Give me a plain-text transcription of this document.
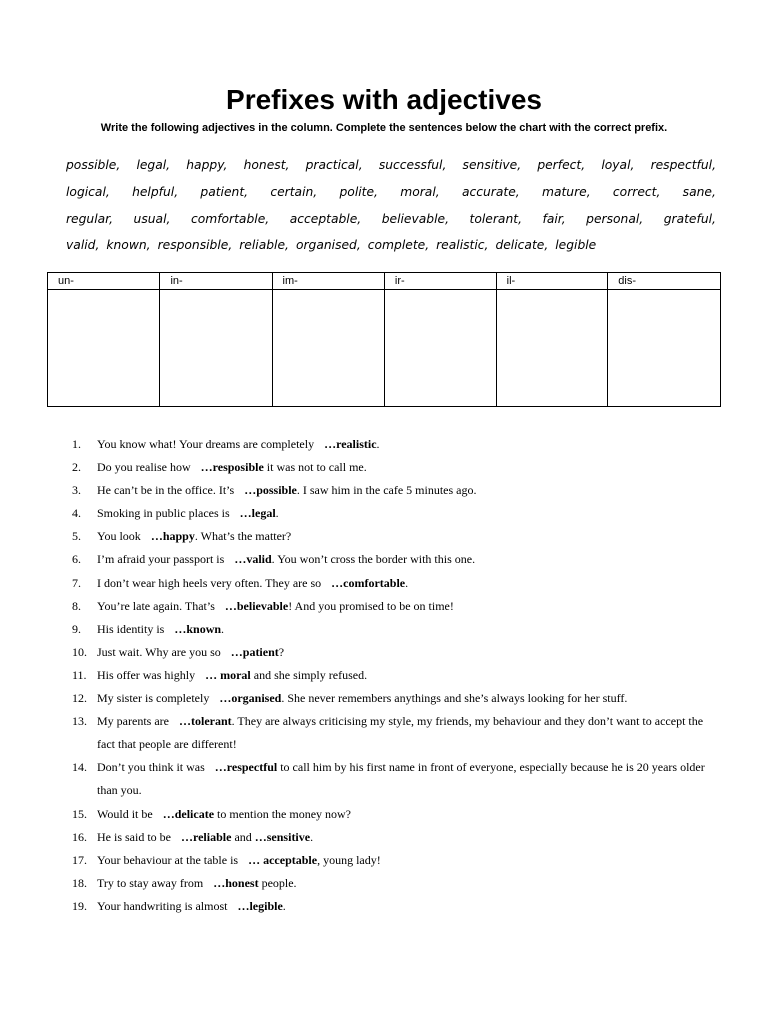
Prefixes with adjectives

Write the following adjectives in the column. Complete the sentences below the chart with the correct prefix.

possible, legal, happy, honest, practical, successful, sensitive, perfect, loyal, respectful,
logical, helpful, patient, certain, polite, moral, accurate, mature, correct, sane,
regular, usual, comfortable, acceptable, believable, tolerant, fair, personal, grateful,
valid, known, responsible, reliable, organised, complete, realistic, delicate, legible
un-	in-	im-	ir-	il-	dis-

1. You know what! Your dreams are completely …realistic.
2. Do you realise how …resposible it was not to call me.
3. He can’t be in the office. It’s …possible. I saw him in the cafe 5 minutes ago.
4. Smoking in public places is …legal.
5. You look …happy. What’s the matter?
6. I’m afraid your passport is …valid. You won’t cross the border with this one.
7. I don’t wear high heels very often. They are so …comfortable.
8. You’re late again. That’s …believable! And you promised to be on time!
9. His identity is …known.
10. Just wait. Why are you so …patient?
11. His offer was highly … moral and she simply refused.
12. My sister is completely …organised. She never remembers anythings and she’s always looking for her stuff.
13. My parents are …tolerant. They are always criticising my style, my friends, my behaviour and they don’t want to accept the fact that people are different!
14. Don’t you think it was …respectful to call him by his first name in front of everyone, especially because he is 20 years older than you.
15. Would it be …delicate to mention the money now?
16. He is said to be …reliable and …sensitive.
17. Your behaviour at the table is … acceptable, young lady!
18. Try to stay away from …honest people.
19. Your handwriting is almost …legible.
